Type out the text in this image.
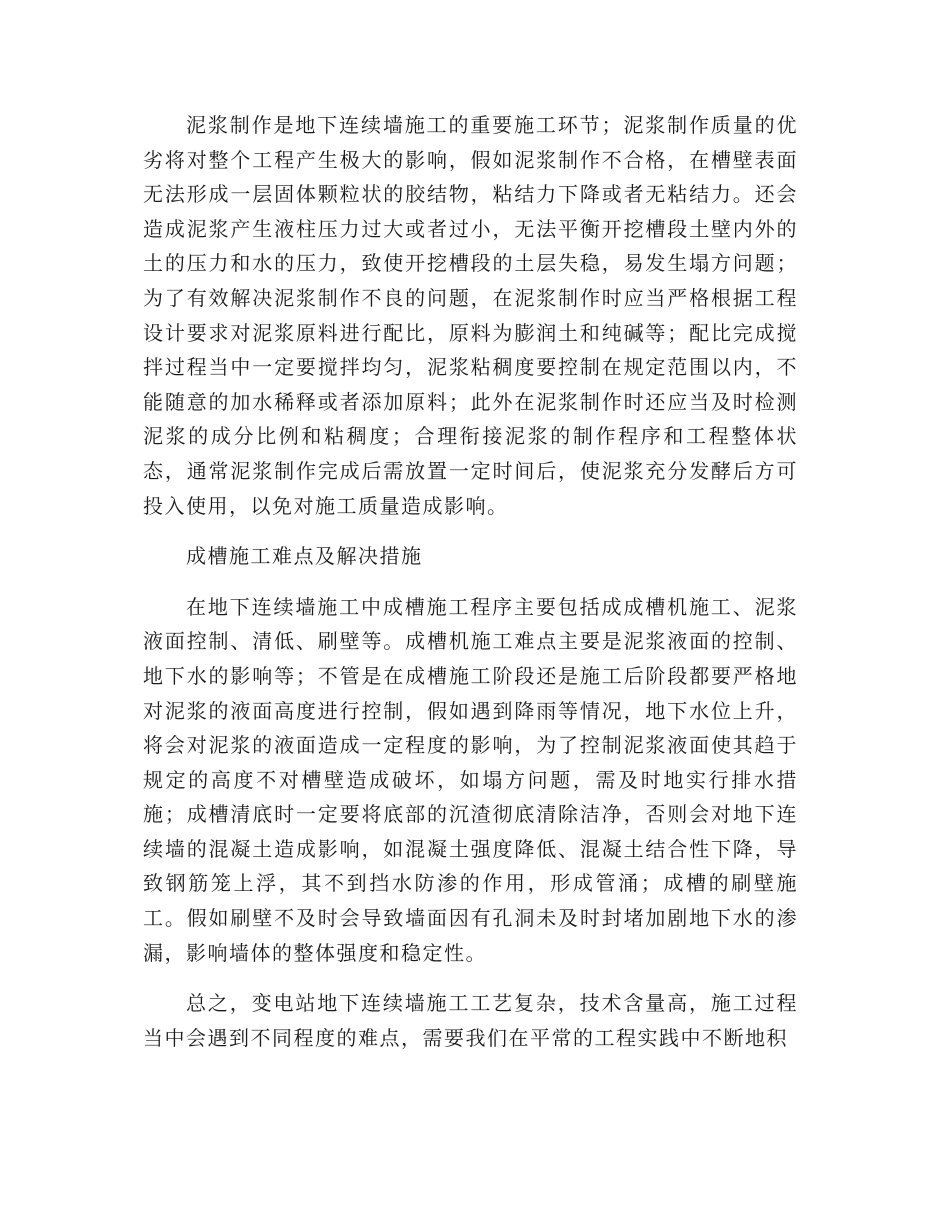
泥浆制作是地下连续墙施工的重要施工环节；泥浆制作质量的优劣将对整个工程产生极大的影响，假如泥浆制作不合格，在槽壁表面无法形成一层固体颗粒状的胶结物，粘结力下降或者无粘结力。还会造成泥浆产生液柱压力过大或者过小，无法平衡开挖槽段土壁内外的土的压力和水的压力，致使开挖槽段的土层失稳，易发生塌方问题；为了有效解决泥浆制作不良的问题，在泥浆制作时应当严格根据工程设计要求对泥浆原料进行配比，原料为膨润土和纯碱等；配比完成搅拌过程当中一定要搅拌均匀，泥浆粘稠度要控制在规定范围以内，不能随意的加水稀释或者添加原料；此外在泥浆制作时还应当及时检测泥浆的成分比例和粘稠度；合理衔接泥浆的制作程序和工程整体状态，通常泥浆制作完成后需放置一定时间后，使泥浆充分发酵后方可投入使用，以免对施工质量造成影响。

成槽施工难点及解决措施

在地下连续墙施工中成槽施工程序主要包括成成槽机施工、泥浆液面控制、清低、刷壁等。成槽机施工难点主要是泥浆液面的控制、地下水的影响等；不管是在成槽施工阶段还是施工后阶段都要严格地对泥浆的液面高度进行控制，假如遇到降雨等情况，地下水位上升，将会对泥浆的液面造成一定程度的影响，为了控制泥浆液面使其趋于规定的高度不对槽壁造成破坏，如塌方问题，需及时地实行排水措施；成槽清底时一定要将底部的沉渣彻底清除洁净，否则会对地下连续墙的混凝土造成影响，如混凝土强度降低、混凝土结合性下降，导致钢筋笼上浮，其不到挡水防渗的作用，形成管涌；成槽的刷壁施工。假如刷壁不及时会导致墙面因有孔洞未及时封堵加剧地下水的渗漏，影响墙体的整体强度和稳定性。

总之，变电站地下连续墙施工工艺复杂，技术含量高，施工过程当中会遇到不同程度的难点，需要我们在平常的工程实践中不断地积
